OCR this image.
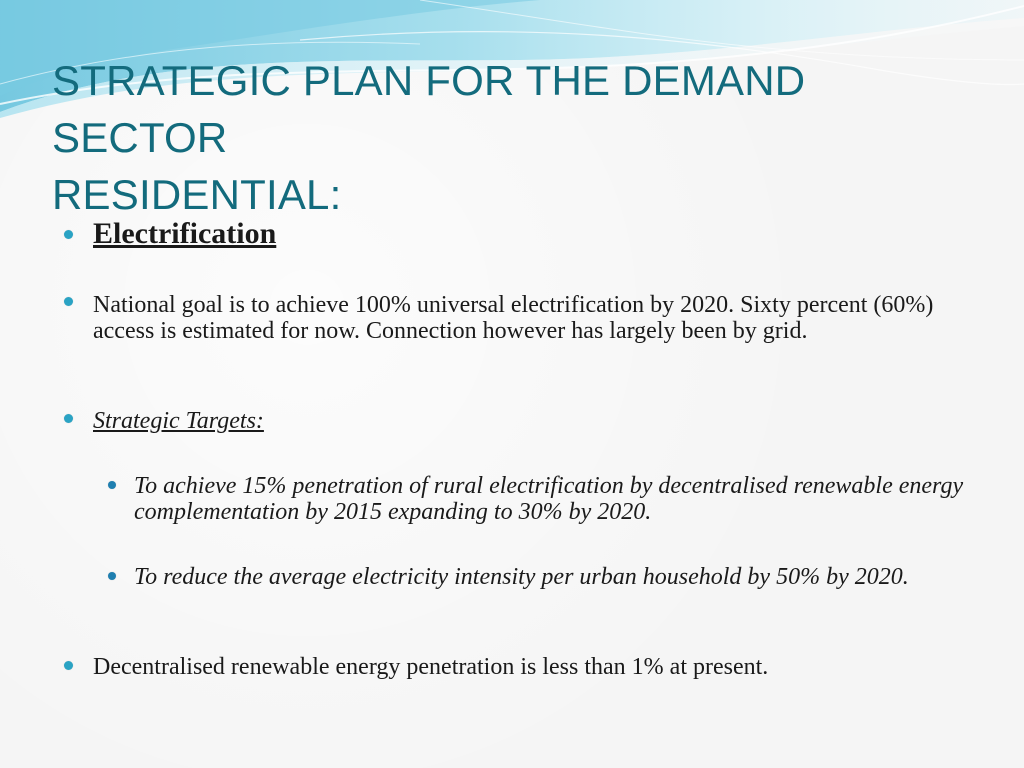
STRATEGIC PLAN FOR THE DEMAND SECTOR
RESIDENTIAL:
Electrification
National goal is to achieve 100% universal electrification by 2020. Sixty percent (60%) access is estimated for now. Connection however has largely been by grid.
Strategic Targets:
To achieve 15% penetration of rural electrification by decentralised renewable energy complementation by 2015 expanding to 30% by 2020.
To reduce the average electricity intensity per urban household by 50% by 2020.
Decentralised renewable energy penetration is less than 1% at present.
